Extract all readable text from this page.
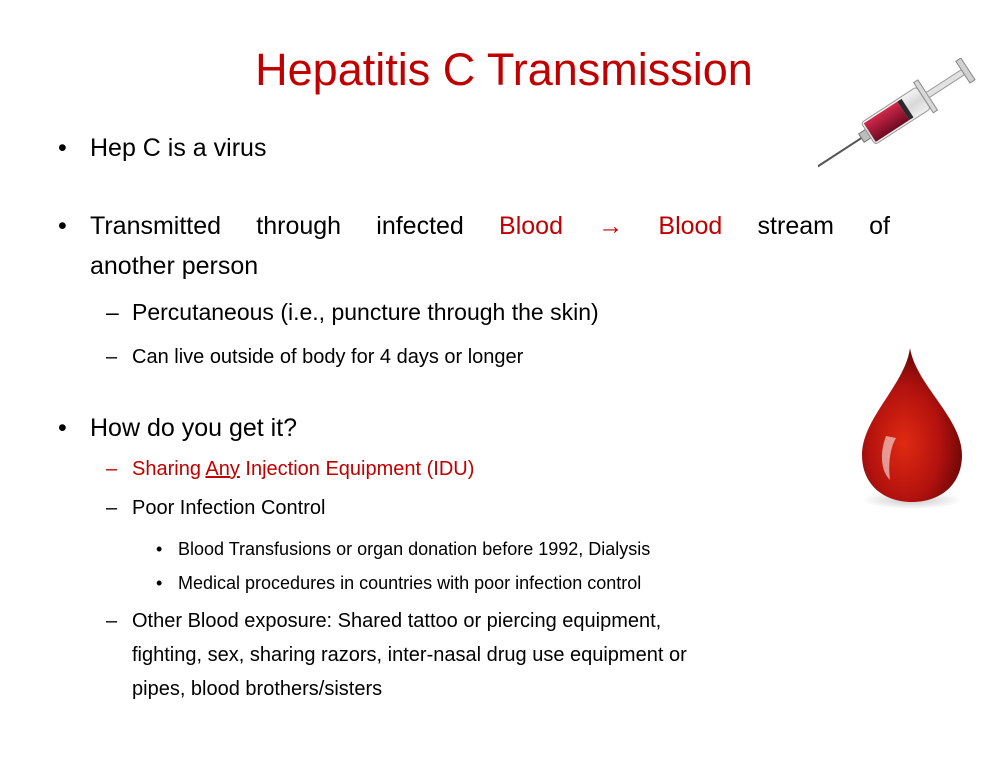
Hepatitis C Transmission
• Hep C is a virus
• Transmitted through infected Blood → Blood stream of
another person
– Percutaneous (i.e., puncture through the skin)
– Can live outside of body for 4 days or longer
• How do you get it?
– Sharing Any Injection Equipment (IDU)
– Poor Infection Control
• Blood Transfusions or organ donation before 1992, Dialysis
• Medical procedures in countries with poor infection control
– Other Blood exposure: Shared tattoo or piercing equipment,
fighting, sex, sharing razors, inter-nasal drug use equipment or
pipes, blood brothers/sisters
